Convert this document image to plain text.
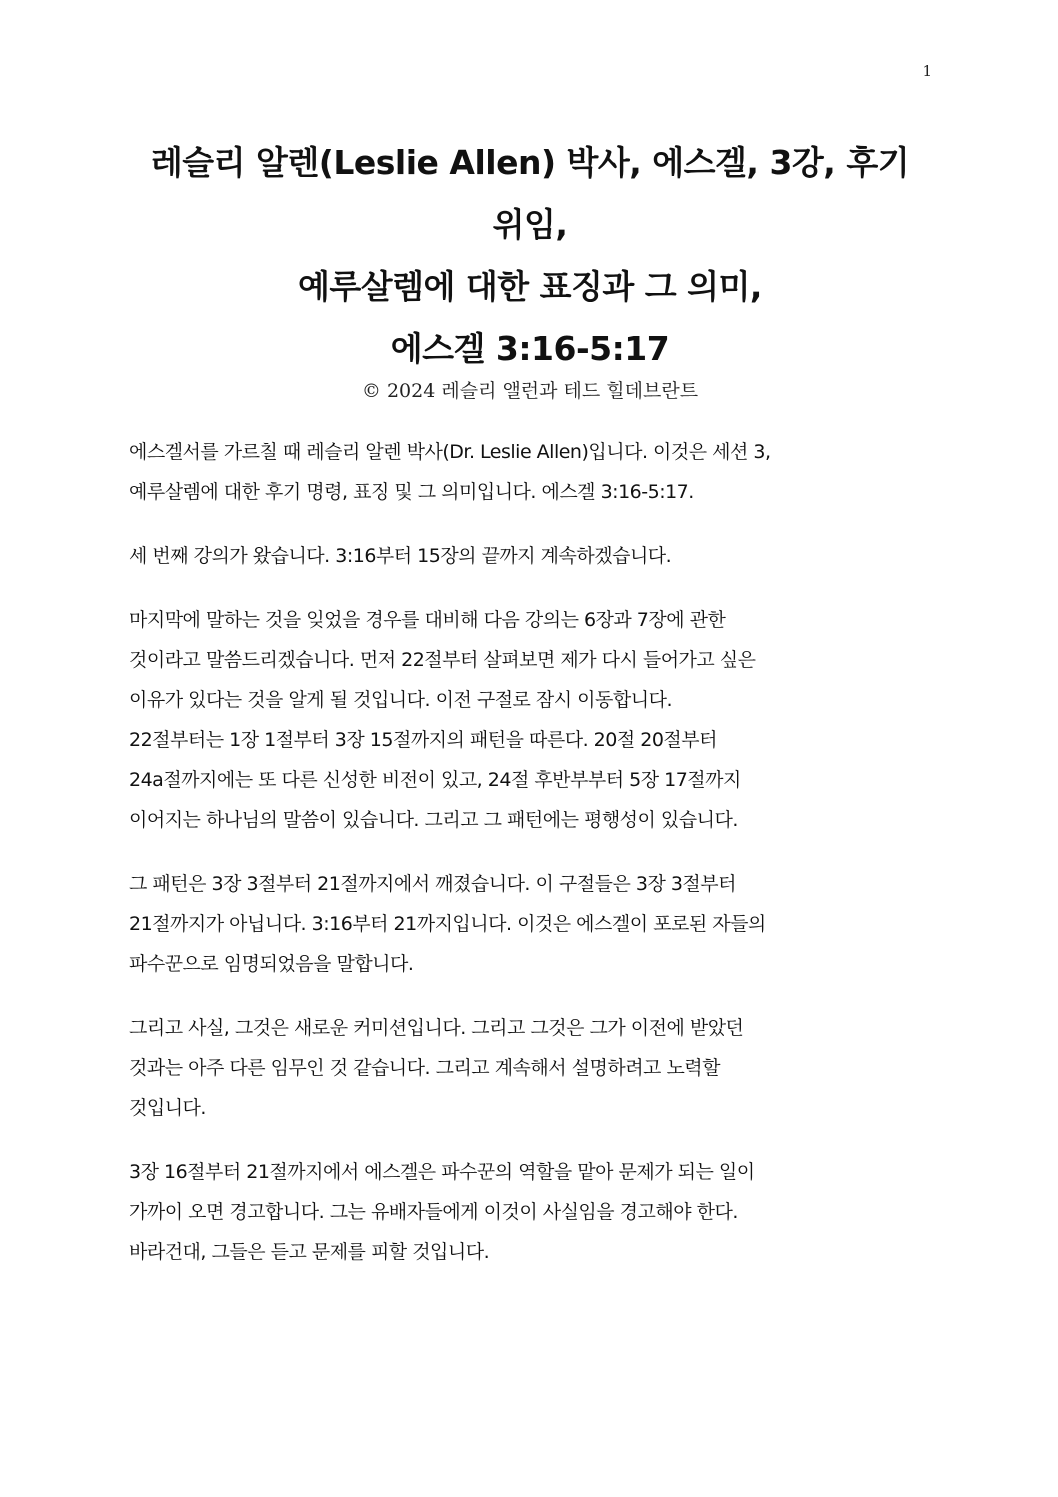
1
레슬리 알렌(Leslie Allen) 박사, 에스겔, 3강, 후기
위임,
예루살렘에 대한 표징과 그 의미,
에스겔 3:16-5:17
© 2024 레슬리 앨런과 테드 힐데브란트
에스겔서를 가르칠 때 레슬리 알렌 박사(Dr. Leslie Allen)입니다. 이것은 세션 3,
예루살렘에 대한 후기 명령, 표징 및 그 의미입니다. 에스겔 3:16-5:17.
세 번째 강의가 왔습니다. 3:16부터 15장의 끝까지 계속하겠습니다.
마지막에 말하는 것을 잊었을 경우를 대비해 다음 강의는 6장과 7장에 관한
것이라고 말씀드리겠습니다. 먼저 22절부터 살펴보면 제가 다시 들어가고 싶은
이유가 있다는 것을 알게 될 것입니다. 이전 구절로 잠시 이동합니다.
22절부터는 1장 1절부터 3장 15절까지의 패턴을 따른다. 20절 20절부터
24a절까지에는 또 다른 신성한 비전이 있고, 24절 후반부부터 5장 17절까지
이어지는 하나님의 말씀이 있습니다. 그리고 그 패턴에는 평행성이 있습니다.
그 패턴은 3장 3절부터 21절까지에서 깨졌습니다. 이 구절들은 3장 3절부터
21절까지가 아닙니다. 3:16부터 21까지입니다. 이것은 에스겔이 포로된 자들의
파수꾼으로 임명되었음을 말합니다.
그리고 사실, 그것은 새로운 커미션입니다. 그리고 그것은 그가 이전에 받았던
것과는 아주 다른 임무인 것 같습니다. 그리고 계속해서 설명하려고 노력할
것입니다.
3장 16절부터 21절까지에서 에스겔은 파수꾼의 역할을 맡아 문제가 되는 일이
가까이 오면 경고합니다. 그는 유배자들에게 이것이 사실임을 경고해야 한다.
바라건대, 그들은 듣고 문제를 피할 것입니다.
